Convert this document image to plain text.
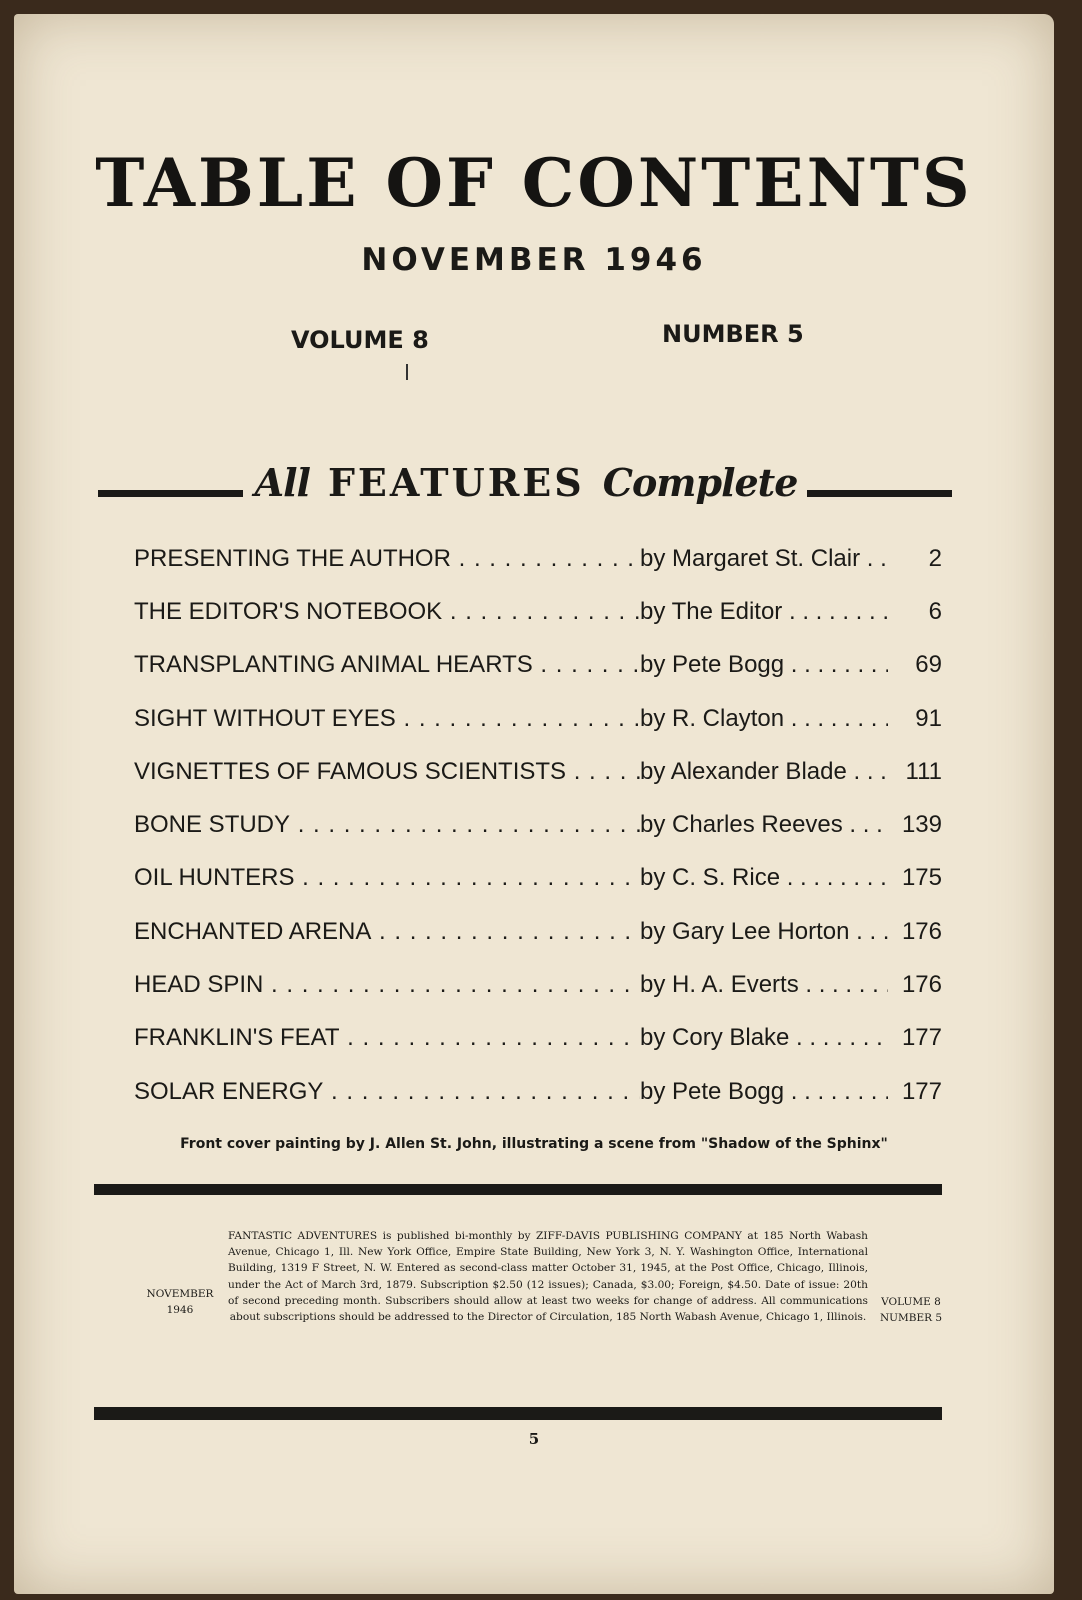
TABLE OF CONTENTS
NOVEMBER 1946
VOLUME 8	NUMBER 5
All FEATURES Complete
PRESENTING THE AUTHOR . . .	by Margaret St. Clair . . .	2
THE EDITOR'S NOTEBOOK . . .	by The Editor . . .	6
TRANSPLANTING ANIMAL HEARTS . . .	by Pete Bogg . . .	69
SIGHT WITHOUT EYES . . .	by R. Clayton . . .	91
VIGNETTES OF FAMOUS SCIENTISTS . . .	by Alexander Blade . . .	111
BONE STUDY . . .	by Charles Reeves . . .	139
OIL HUNTERS . . .	by C. S. Rice . . .	175
ENCHANTED ARENA . . .	by Gary Lee Horton . . .	176
HEAD SPIN . . .	by H. A. Everts . . .	176
FRANKLIN'S FEAT . . .	by Cory Blake . . .	177
SOLAR ENERGY . . .	by Pete Bogg . . .	177
Front cover painting by J. Allen St. John, illustrating a scene from "Shadow of the Sphinx"
NOVEMBER
1946
FANTASTIC ADVENTURES is published bi-monthly by ZIFF-DAVIS PUBLISHING COMPANY at 185 North Wabash Avenue, Chicago 1, Ill. New York Office, Empire State Building, New York 3, N. Y. Washington Office, International Building, 1319 F Street, N. W. Entered as second-class matter October 31, 1945, at the Post Office, Chicago, Illinois, under the Act of March 3rd, 1879. Subscription $2.50 (12 issues); Canada, $3.00; Foreign, $4.50. Date of issue: 20th of second preceding month. Subscribers should allow at least two weeks for change of address. All communications about subscriptions should be addressed to the Director of Circulation, 185 North Wabash Avenue, Chicago 1, Illinois.
VOLUME 8
NUMBER 5
5
